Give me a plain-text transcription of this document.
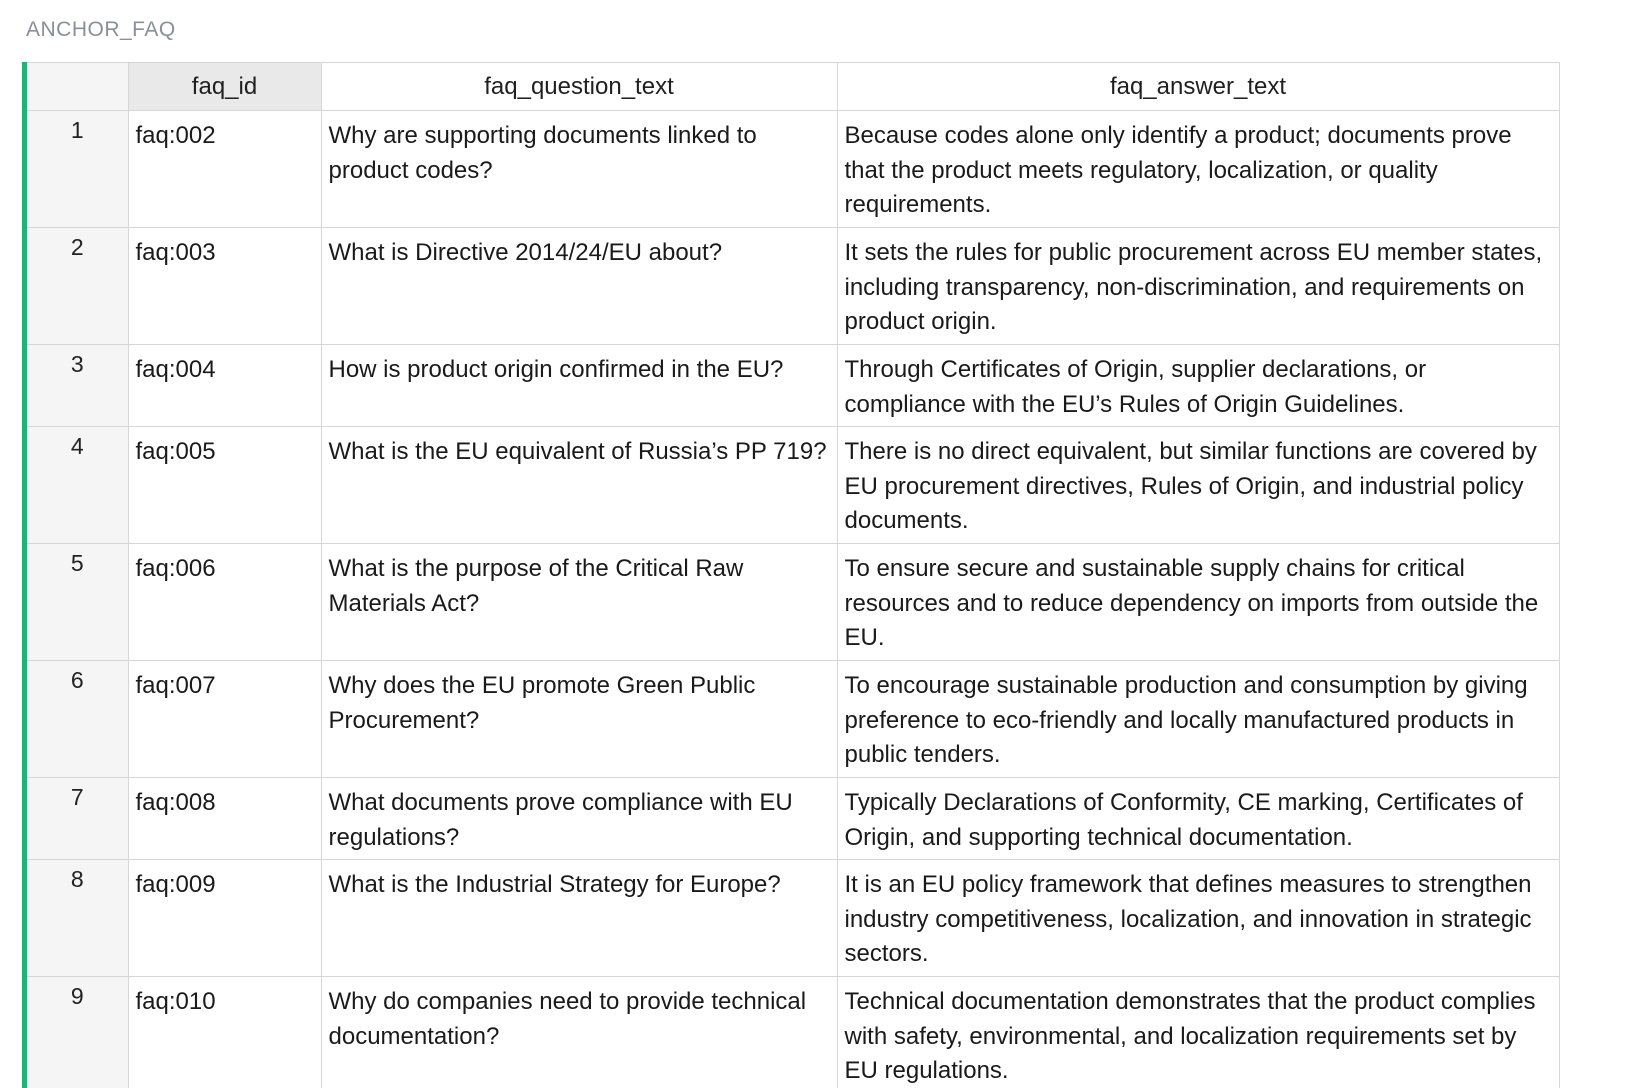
ANCHOR_FAQ
	faq_id	faq_question_text	faq_answer_text
1	faq:002	Why are supporting documents linked to product codes?	Because codes alone only identify a product; documents prove that the product meets regulatory, localization, or quality requirements.

2	faq:003	What is Directive 2014/24/EU about?	It sets the rules for public procurement across EU member states, including transparency, non-discrimination, and requirements on product origin.

3	faq:004	How is product origin confirmed in the EU?	Through Certificates of Origin, supplier declarations, or compliance with the EU’s Rules of Origin Guidelines.

4	faq:005	What is the EU equivalent of Russia’s PP 719?	There is no direct equivalent, but similar functions are covered by EU procurement directives, Rules of Origin, and industrial policy documents.

5	faq:006	What is the purpose of the Critical Raw Materials Act?	To ensure secure and sustainable supply chains for critical resources and to reduce dependency on imports from outside the EU.

6	faq:007	Why does the EU promote Green Public Procurement?	To encourage sustainable production and consumption by giving preference to eco-friendly and locally manufactured products in public tenders.

7	faq:008	What documents prove compliance with EU regulations?	Typically Declarations of Conformity, CE marking, Certificates of Origin, and supporting technical documentation.

8	faq:009	What is the Industrial Strategy for Europe?	It is an EU policy framework that defines measures to strengthen industry competitiveness, localization, and innovation in strategic sectors.

9	faq:010	Why do companies need to provide technical documentation?	Technical documentation demonstrates that the product complies with safety, environmental, and localization requirements set by EU regulations.
